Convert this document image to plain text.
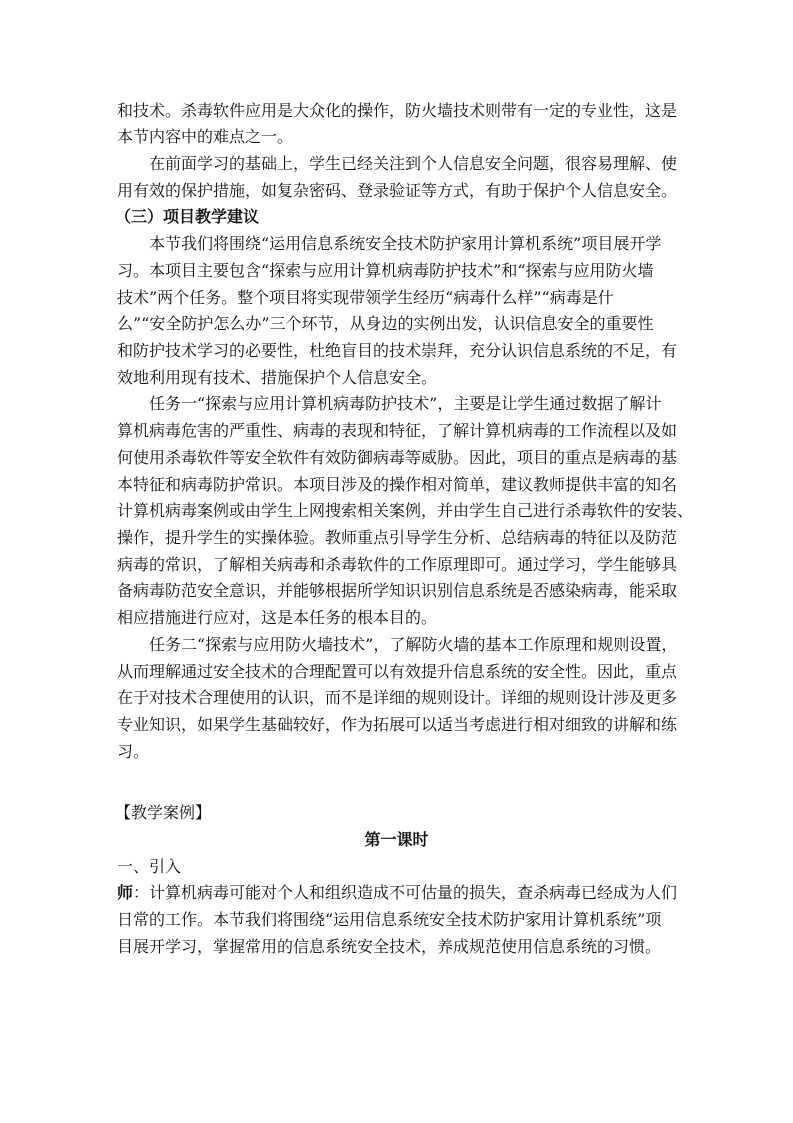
和技术。杀毒软件应用是大众化的操作，防火墙技术则带有一定的专业性，这是
本节内容中的难点之一。
在前面学习的基础上，学生已经关注到个人信息安全问题，很容易理解、使
用有效的保护措施，如复杂密码、登录验证等方式，有助于保护个人信息安全。
（三）项目教学建议
本节我们将围绕“运用信息系统安全技术防护家用计算机系统”项目展开学
习。本项目主要包含“探索与应用计算机病毒防护技术”和“探索与应用防火墙
技术”两个任务。整个项目将实现带领学生经历“病毒什么样”“病毒是什
么”“安全防护怎么办”三个环节，从身边的实例出发，认识信息安全的重要性
和防护技术学习的必要性，杜绝盲目的技术崇拜，充分认识信息系统的不足，有
效地利用现有技术、措施保护个人信息安全。
任务一“探索与应用计算机病毒防护技术”，主要是让学生通过数据了解计
算机病毒危害的严重性、病毒的表现和特征，了解计算机病毒的工作流程以及如
何使用杀毒软件等安全软件有效防御病毒等威胁。因此，项目的重点是病毒的基
本特征和病毒防护常识。本项目涉及的操作相对简单，建议教师提供丰富的知名
计算机病毒案例或由学生上网搜索相关案例，并由学生自己进行杀毒软件的安装、
操作，提升学生的实操体验。教师重点引导学生分析、总结病毒的特征以及防范
病毒的常识，了解相关病毒和杀毒软件的工作原理即可。通过学习，学生能够具
备病毒防范安全意识，并能够根据所学知识识别信息系统是否感染病毒，能采取
相应措施进行应对，这是本任务的根本目的。
任务二“探索与应用防火墙技术”，了解防火墙的基本工作原理和规则设置，
从而理解通过安全技术的合理配置可以有效提升信息系统的安全性。因此，重点
在于对技术合理使用的认识，而不是详细的规则设计。详细的规则设计涉及更多
专业知识，如果学生基础较好，作为拓展可以适当考虑进行相对细致的讲解和练
习。
【教学案例】
第一课时
一、引入
师：计算机病毒可能对个人和组织造成不可估量的损失，查杀病毒已经成为人们
日常的工作。本节我们将围绕“运用信息系统安全技术防护家用计算机系统”项
目展开学习，掌握常用的信息系统安全技术，养成规范使用信息系统的习惯。
